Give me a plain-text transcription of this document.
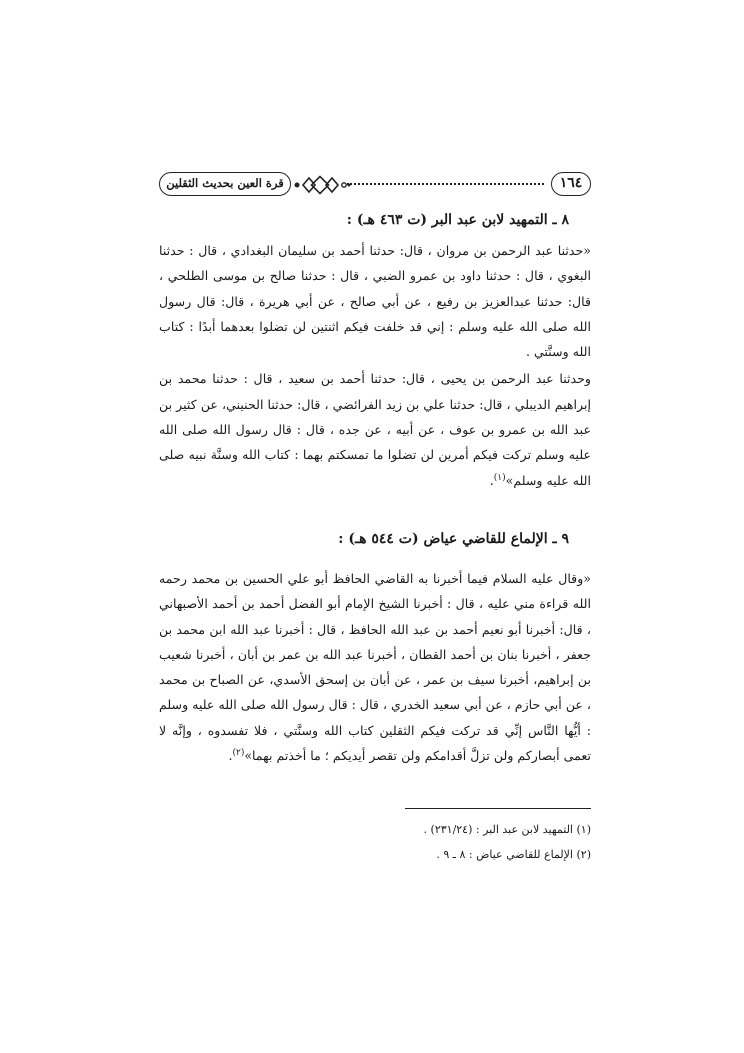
١٦٤
قرة العين بحديث الثقلين

٨ ـ التمهيد لابن عبد البر (ت ٤٦٣ هـ) :

«حدثنا عبد الرحمن بن مروان ، قال: حدثنا أحمد بن سليمان البغدادي ، قال : حدثنا البغوي ، قال : حدثنا داود بن عمرو الضبي ، قال : حدثنا صالح بن موسى الطلحي ، قال: حدثنا عبدالعزيز بن رفيع ، عن أبي صالح ، عن أبي هريرة ، قال: قال رسول الله صلى الله عليه وسلم : إني قد خلفت فيكم اثنتين لن تضلوا بعدهما أبدًا : كتاب الله وسنَّتي .

وحدثنا عبد الرحمن بن يحيى ، قال: حدثنا أحمد بن سعيد ، قال : حدثنا محمد بن إبراهيم الديبلي ، قال: حدثنا علي بن زيد الفرائضي ، قال: حدثنا الحنيني، عن كثير بن عبد الله بن عمرو بن عوف ، عن أبيه ، عن جده ، قال : قال رسول الله صلى الله عليه وسلم تركت فيكم أمرين لن تضلوا ما تمسكتم بهما : كتاب الله وسنَّة نبيه صلى الله عليه وسلم»$^{(١)}$.

٩ ـ الإلماع للقاضي عياض (ت ٥٤٤ هـ) :

«وقال عليه السلام فيما أخبرنا به القاضي الحافظ أبو علي الحسين بن محمد رحمه الله قراءة مني عليه ، قال : أخبرنا الشيخ الإمام أبو الفضل أحمد بن أحمد الأصبهاني ، قال: أخبرنا أبو نعيم أحمد بن عبد الله الحافظ ، قال : أخبرنا عبد الله ابن محمد بن جعفر ، أخبرنا بنان بن أحمد القطان ، أخبرنا عبد الله بن عمر بن أبان ، أخبرنا شعيب بن إبراهيم، أخبرنا سيف بن عمر ، عن أبان بن إسحق الأسدي، عن الصباح بن محمد ، عن أبي حازم ، عن أبي سعيد الخدري ، قال : قال رسول الله صلى الله عليه وسلم : أيُّها النَّاس إنِّي قد تركت فيكم الثقلين كتاب الله وسنَّتي ، فلا تفسدوه ، وإنَّه لا تعمى أبصاركم ولن تزلَّ أقدامكم ولن تقصر أيديكم ؛ ما أخذتم بهما»$^{(٢)}$.

(١) التمهيد لابن عبد البر : (٢٣١/٢٤) .
(٢) الإلماع للقاضي عياض : ٨ ـ ٩ .
